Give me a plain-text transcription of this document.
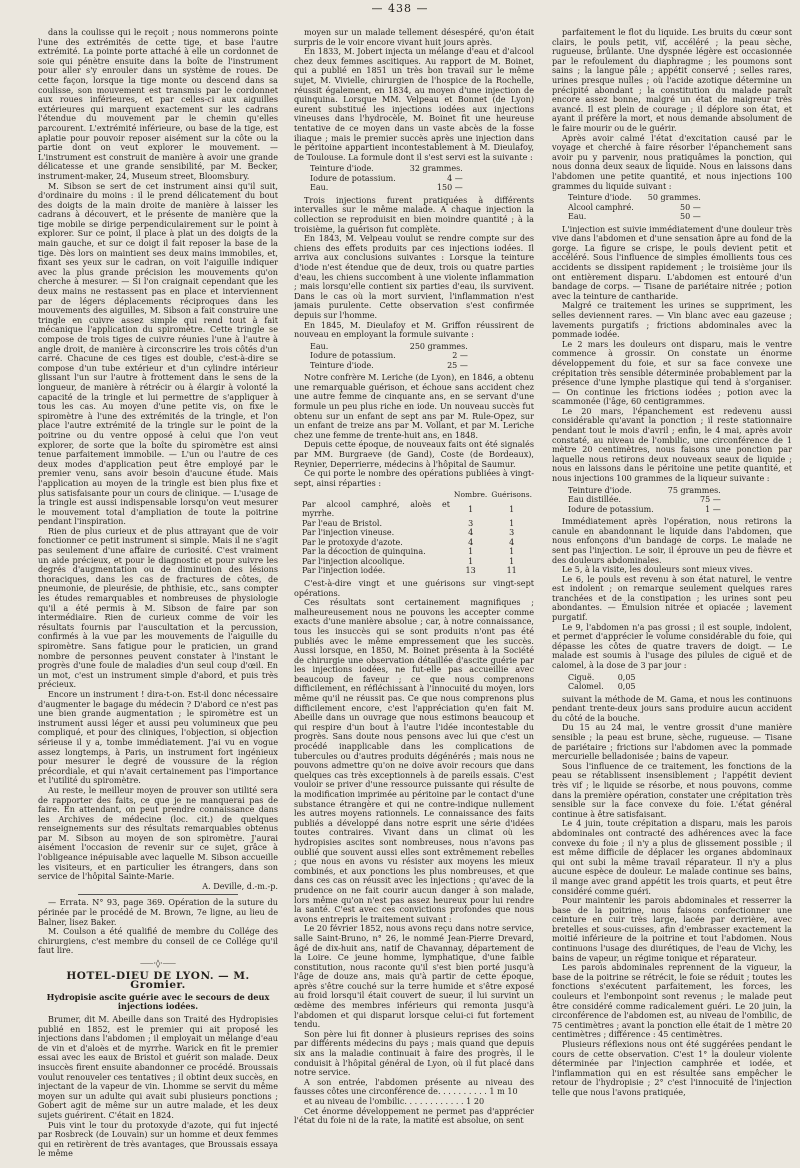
— 438 —

dans la coulisse qui le reçoit ; nous nommerons pointe l'une des extrémités de cette tige, et base l'autre extrémité. La pointe porte attaché à elle un cordonnet de soie qui pénètre ensuite dans la boîte de l'instrument pour aller s'y enrouler dans un système de roues. De cette façon, lorsque la tige monte ou descend dans sa coulisse, son mouvement est transmis par le cordonnet aux roues inférieures, et par celles-ci aux aiguilles extérieures qui marquent exactement sur les cadrans l'étendue du mouvement par le chemin qu'elles parcourent. L'extrémité inférieure, ou base de la tige, est aplatie pour pouvoir reposer aisément sur la côte ou la partie dont on veut explorer le mouvement. — L'instrument est construit de manière à avoir une grande délicatesse et une grande sensibilité, par M. Becker, instrument-maker, 24, Museum street, Bloomsbury.

M. Sibson se sert de cet instrument ainsi qu'il suit, d'ordinaire du moins : il le prend délicatement du bout des doigts de la main droite de manière à laisser les cadrans à découvert, et le présente de manière que la tige mobile se dirige perpendiculairement sur le point à explorer. Sur ce point, il place à plat un des doigts de la main gauche, et sur ce doigt il fait reposer la base de la tige. Dès lors on maintient ses deux mains immobiles, et, fixant ses yeux sur le cadran, on voit l'aiguille indiquer avec la plus grande précision les mouvements qu'on cherche à mesurer. — Si l'on craignait cependant que les deux mains ne restassent pas en place et interviennent par de légers déplacements réciproques dans les mouvements des aiguilles, M. Sibson a fait construire une tringle en cuivre assez simple qui rend tout à fait mécanique l'application du spiromètre. Cette tringle se compose de trois tiges de cuivre réunies l'une à l'autre à angle droit, de manière à circonscrire les trois côtés d'un carré. Chacune de ces tiges est double, c'est-à-dire se compose d'un tube extérieur et d'un cylindre intérieur glissant l'un sur l'autre à frottement dans le sens de la longueur, de manière à rétrécir ou à élargir à volonté la capacité de la tringle et lui permettre de s'appliquer à tous les cas. Au moyen d'une petite vis, on fixe le spiromètre à l'une des extrémités de la tringle, et l'on place l'autre extrémité de la tringle sur le point de la poitrine ou du ventre opposé à celui que l'on veut explorer, de sorte que la boîte du spiromètre est ainsi tenue parfaitement immobile. — L'un ou l'autre de ces deux modes d'application peut être employé par le premier venu, sans avoir besoin d'aucune étude. Mais l'application au moyen de la tringle est bien plus fixe et plus satisfaisante pour un cours de clinique. — L'usage de la tringle est aussi indispensable lorsqu'on veut mesurer le mouvement total d'ampliation de toute la poitrine pendant l'inspiration.

Rien de plus curieux et de plus attrayant que de voir fonctionner ce petit instrument si simple. Mais il ne s'agit pas seulement d'une affaire de curiosité. C'est vraiment un aide précieux, et pour le diagnostic et pour suivre les degrés d'augmentation ou de diminution des lésions thoraciques, dans les cas de fractures de côtes, de pneumonie, de pleurésie, de phthisie, etc., sans compter les études remarquables et nombreuses de physiologie qu'il a été permis à M. Sibson de faire par son intermédiaire. Rien de curieux comme de voir les résultats fournis par l'auscultation et la percussion, confirmés à la vue par les mouvements de l'aiguille du spiromètre. Sans fatigue pour le praticien, un grand nombre de personnes peuvent constater à l'instant le progrès d'une foule de maladies d'un seul coup d'œil. En un mot, c'est un instrument simple d'abord, et puis très précieux.

Encore un instrument ! dira-t-on. Est-il donc nécessaire d'augmenter le bagage du médecin ? D'abord ce n'est pas une bien grande augmentation ; le spiromètre est un instrument aussi léger et aussi peu volumineux que peu compliqué, et pour des cliniques, l'objection, si objection sérieuse il y a, tombe immédiatement. J'ai vu en vogue assez longtemps, à Paris, un instrument fort ingénieux pour mesurer le degré de voussure de la région précordiale, et qui n'avait certainement pas l'importance et l'utilité du spiromètre.

Au reste, le meilleur moyen de prouver son utilité sera de rapporter des faits, ce que je ne manquerai pas de faire. En attendant, on peut prendre connaissance dans les Archives de médecine (loc. cit.) de quelques renseignements sur des résultats remarquables obtenus par M. Sibson au moyen de son spiromètre. J'aurai aisément l'occasion de revenir sur ce sujet, grâce à l'obligeance inépuisable avec laquelle M. Sibson accueille les visiteurs, et en particulier les étrangers, dans son service de l'hôpital Sainte-Marie.

A. Deville, d.-m.-p.

— Errata. N° 93, page 369. Opération de la suture du périnée par le procédé de M. Brown, 7e ligne, au lieu de Balner, lisez Baker.

M. Coulson a été qualifié de membre du Collége des chirurgiens, c'est membre du conseil de ce Collége qu'il faut lire.

⸺·◊·⸺
HOTEL-DIEU DE LYON. — M. Gromier.
Hydropisie ascite guérie avec le secours de deux injections iodées.

Brumer, dit M. Abeille dans son Traité des Hydropisies publié en 1852, est le premier qui ait proposé les injections dans l'abdomen ; il employait un mélange d'eau de vin et d'aloès et de myrrhe. Warick en fit le premier essai avec les eaux de Bristol et guérit son malade. Deux insuccès firent ensuite abandonner ce procédé. Broussais voulut renouveler ces tentatives ; il obtint deux succès, en injectant de la vapeur de vin. Lhomme se servit du même moyen sur un adulte qui avait subi plusieurs ponctions ; Gobert agit de même sur un autre malade, et les deux sujets guérirent. C'était en 1824.

Puis vint le tour du protoxyde d'azote, qui fut injecté par Rosbreck (de Louvain) sur un homme et deux femmes qui en retirèrent de très avantages, que Broussais essaya le même

moyen sur un malade tellement désespéré, qu'on était surpris de le voir encore vivant huit jours après.

En 1833, M. Jobert injecta un mélange d'eau et d'alcool chez deux femmes ascitiques. Au rapport de M. Boinet, qui a publié en 1851 un très bon travail sur le même sujet, M. Vivielle, chirurgien de l'hospice de la Rochelle, réussit également, en 1834, au moyen d'une injection de quinquina. Lorsque MM. Velpeau et Bonnet (de Lyon) eurent substitué les injections iodées aux injections vineuses dans l'hydrocèle, M. Boinet fit une heureuse tentative de ce moyen dans un vaste abcès de la fosse iliaque ; mais le premier succès après une injection dans le péritoine appartient incontestablement à M. Dieulafoy, de Toulouse. La formule dont il s'est servi est la suivante :

Teinture d'iode.	32 grammes.
Iodure de potassium.	4 —
Eau.	150 —

Trois injections furent pratiquées à différents intervalles sur le même malade. A chaque injection la collection se reproduisit en bien moindre quantité ; à la troisième, la guérison fut complète.

En 1843, M. Velpeau voulut se rendre compte sur des chiens des effets produits par ces injections iodées. Il arriva aux conclusions suivantes : Lorsque la teinture d'iode n'est étendue que de deux, trois ou quatre parties d'eau, les chiens succombent à une violente inflammation ; mais lorsqu'elle contient six parties d'eau, ils survivent. Dans le cas où la mort survient, l'inflammation n'est jamais purulente. Cette observation s'est confirmée depuis sur l'homme.

En 1845, M. Dieulafoy et M. Griffon réussirent de nouveau en employant la formule suivante :

Eau.	250 grammes.
Iodure de potassium.	2 —
Teinture d'iode.	25 —

Notre confrère M. Leriche (de Lyon), en 1846, a obtenu une remarquable guérison, et échoue sans accident chez une autre femme de cinquante ans, en se servant d'une formule un peu plus riche en iode. Un nouveau succès fut obtenu sur un enfant de sept ans par M. Rule-Opez, sur un enfant de treize ans par M. Vollant, et par M. Leriche chez une femme de trente-huit ans, en 1848.

Depuis cette époque, de nouveaux faits ont été signalés par MM. Burgraeve (de Gand), Coste (de Bordeaux), Reynier, Deperrierre, médecins à l'hôpital de Saumur.

Ce qui porte le nombre des opérations publiées à vingt-sept, ainsi réparties :

	Nombre.	Guérisons.
Par alcool camphré, aloès et myrrhe.	1	1
Par l'eau de Bristol.	3	1
Par l'injection vineuse.	4	3
Par le protoxyde d'azote.	4	4
Par la décoction de quinquina.	1	1
Par l'injection alcoolique.	1	1
Par l'injection iodée.	13	11

C'est-à-dire vingt et une guérisons sur vingt-sept opérations.

Ces résultats sont certainement magnifiques ; malheureusement nous ne pouvons les accepter comme exacts d'une manière absolue ; car, à notre connaissance, tous les insuccès qui se sont produits n'ont pas été publiés avec le même empressement que les succès. Aussi lorsque, en 1850, M. Boinet présenta à la Société de chirurgie une observation détaillée d'ascite guérie par les injections iodées, ne fut-elle pas accueillie avec beaucoup de faveur ; ce que nous comprenons difficilement, en réfléchissant à l'innocuité du moyen, lors même qu'il ne réussit pas. Ce que nous comprenons plus difficilement encore, c'est l'appréciation qu'en fait M. Abeille dans un ouvrage que nous estimons beaucoup et qui respire d'un bout à l'autre l'idée incontestable du progrès. Sans doute nous pensons avec lui que c'est un procédé inapplicable dans les complications de tubercules ou d'autres produits dégénérés ; mais nous ne pouvons admettre qu'on ne doive avoir recours que dans quelques cas très exceptionnels à de pareils essais. C'est vouloir se priver d'une ressource puissante qui résulte de la modification imprimée au péritoine par le contact d'une substance étrangère et qui ne contre-indique nullement les autres moyens rationnels. Le connaissance des faits publiés a développé dans notre esprit une série d'idées toutes contraires. Vivant dans un climat où les hydropisies ascites sont nombreuses, nous n'avons pas oublié que souvent aussi elles sont extrêmement rebelles ; que nous en avons vu résister aux moyens les mieux combinés, et aux ponctions les plus nombreuses, et que dans ces cas on réussit avec les injections ; qu'avec de la prudence on ne fait courir aucun danger à son malade, lors même qu'on n'est pas assez heureux pour lui rendre la santé. C'est avec ces convictions profondes que nous avons entrepris le traitement suivant :

Le 20 février 1852, nous avons reçu dans notre service, salle Saint-Bruno, n° 26, le nommé Jean-Pierre Drevard, âgé de dix-huit ans, natif de Chavannay, département de la Loire. Ce jeune homme, lymphatique, d'une faible constitution, nous raconte qu'il s'est bien porté jusqu'à l'âge de douze ans, mais qu'à partir de cette époque, après s'être couché sur la terre humide et s'être exposé au froid lorsqu'il était couvert de sueur, il lui survint un œdème des membres inférieurs qui remonta jusqu'à l'abdomen et qui disparut lorsque celui-ci fut fortement tendu.

Son père lui fit donner à plusieurs reprises des soins par différents médecins du pays ; mais quand que depuis six ans la maladie continuait à faire des progrès, il le conduisit à l'hôpital général de Lyon, où il fut placé dans notre service.

A son entrée, l'abdomen présente au niveau des fausses côtes une circonférence de. . . . . . . . . . 1 m 10

et au niveau de l'ombilic. . . . . . . . . . . . 1 20

Cet énorme développement ne permet pas d'apprécier l'état du foie ni de la rate, la matité est absolue, on sent

parfaitement le flot du liquide. Les bruits du cœur sont clairs, le pouls petit, vif, accéléré ; la peau sèche, rugueuse, brûlante. Une dyspnée légère est occasionnée par le refoulement du diaphragme ; les poumons sont sains ; la langue pâle ; appétit conservé ; selles rares, urines presque nulles ; où l'acide azotique détermine un précipité abondant ; la constitution du malade paraît encore assez bonne, malgré un état de maigreur très avancé. Il est plein de courage ; il déplore son état, et ayant il préfère la mort, et nous demande absolument de le faire mourir ou de le guérir.

Après avoir calmé l'état d'excitation causé par le voyage et cherché à faire résorber l'épanchement sans avoir pu y parvenir, nous pratiquâmes la ponction, qui nous donna deux seaux de liquide. Nous en laissons dans l'abdomen une petite quantité, et nous injections 100 grammes du liquide suivant :

Teinture d'iode.	50 grammes.
Alcool camphré.	50 —
Eau.	50 —

L'injection est suivie immédiatement d'une douleur très vive dans l'abdomen et d'une sensation âpre au fond de la gorge. La figure se crispe, le pouls devient petit et accéléré. Sous l'influence de simples émollients tous ces accidents se dissipent rapidement ; le troisième jour ils ont entièrement disparu. L'abdomen est entouré d'un bandage de corps. — Tisane de pariétaire nitrée ; potion avec la teinture de cantharide.

Malgré ce traitement les urines se suppriment, les selles deviennent rares. — Vin blanc avec eau gazeuse ; lavements purgatifs ; frictions abdominales avec la pommade iodée.

Le 2 mars les douleurs ont disparu, mais le ventre commence à grossir. On constate un énorme développement du foie, et sur sa face convexe une crépitation très sensible déterminée probablement par la présence d'une lymphe plastique qui tend à s'organiser. — On continue les frictions iodées ; potion avec la scammonée (l'âge, 60 centigrammes.

Le 20 mars, l'épanchement est redevenu aussi considérable qu'avant la ponction ; il reste stationnaire pendant tout le mois d'avril ; enfin, le 4 mai, après avoir constaté, au niveau de l'ombilic, une circonférence de 1 mètre 20 centimètres, nous faisons une ponction par laquelle nous retirons deux nouveaux seaux de liquide ; nous en laissons dans le péritoine une petite quantité, et nous injections 100 grammes de la liqueur suivante :

Teinture d'iode.	75 grammes.
Eau distillée.	75 —
Iodure de potassium.	1 —

Immédiatement après l'opération, nous retirons la canule en abandonnant le liquide dans l'abdomen, que nous enfonçons d'un bandage de corps. Le malade ne sent pas l'injection. Le soir, il éprouve un peu de fièvre et des douleurs abdominales.

Le 5, à la visite, les douleurs sont mieux vives.

Le 6, le pouls est revenu à son état naturel, le ventre est indolent ; on remarque seulement quelques rares tranchées et de la constipation ; les urines sont peu abondantes. — Émulsion nitrée et opiacée ; lavement purgatif.

Le 9, l'abdomen n'a pas grossi ; il est souple, indolent, et permet d'apprécier le volume considérable du foie, qui dépasse les côtes de quatre travers de doigt. — Le malade est soumis à l'usage des pilules de ciguë et de calomel, à la dose de 3 par jour :

Ciguë.	0,05
Calomel.	0,05

suivant la méthode de M. Gama, et nous les continuons pendant trente-deux jours sans produire aucun accident du côté de la bouche.

Du 15 au 24 mai, le ventre grossit d'une manière sensible ; la peau est brune, sèche, rugueuse. — Tisane de pariétaire ; frictions sur l'abdomen avec la pommade mercurielle belladonisée ; bains de vapeur.

Sous l'influence de ce traitement, les fonctions de la peau se rétablissent insensiblement ; l'appétit devient très vif ; le liquide se résorbe, et nous pouvons, comme dans la première opération, constater une crépitation très sensible sur la face convexe du foie. L'état général continue à être satisfaisant.

Le 4 juin, toute crépitation a disparu, mais les parois abdominales ont contracté des adhérences avec la face convexe du foie ; il n'y a plus de glissement possible ; il est même difficile de déplacer les organes abdominaux qui ont subi la même travail réparateur. Il n'y a plus aucune espèce de douleur. Le malade continue ses bains, il mange avec grand appétit les trois quarts, et peut être considéré comme guéri.

Pour maintenir les parois abdominales et resserrer la base de la poitrine, nous faisons confectionner une ceinture en cuir très large, lacée par derrière, avec bretelles et sous-cuisses, afin d'embrasser exactement la moitié inférieure de la poitrine et tout l'abdomen. Nous continuons l'usage des diurétiques, de l'eau de Vichy, les bains de vapeur, un régime tonique et réparateur.

Les parois abdominales reprennent de la vigueur, la base de la poitrine se rétrécit, le foie se réduit ; toutes les fonctions s'exécutent parfaitement, les forces, les couleurs et l'embonpoint sont revenus ; le malade peut être considéré comme radicalement guéri. Le 20 juin, la circonférence de l'abdomen est, au niveau de l'ombilic, de 75 centimètres ; avant la ponction elle était de 1 mètre 20 centimètres ; différence : 45 centimètres.

Plusieurs réflexions nous ont été suggérées pendant le cours de cette observation. C'est 1° la douleur violente déterminée par l'injection camphrée et iodée, et l'inflammation qui en est résultée sans empêcher le retour de l'hydropisie ; 2° c'est l'innocuité de l'injection telle que nous l'avons pratiquée,
